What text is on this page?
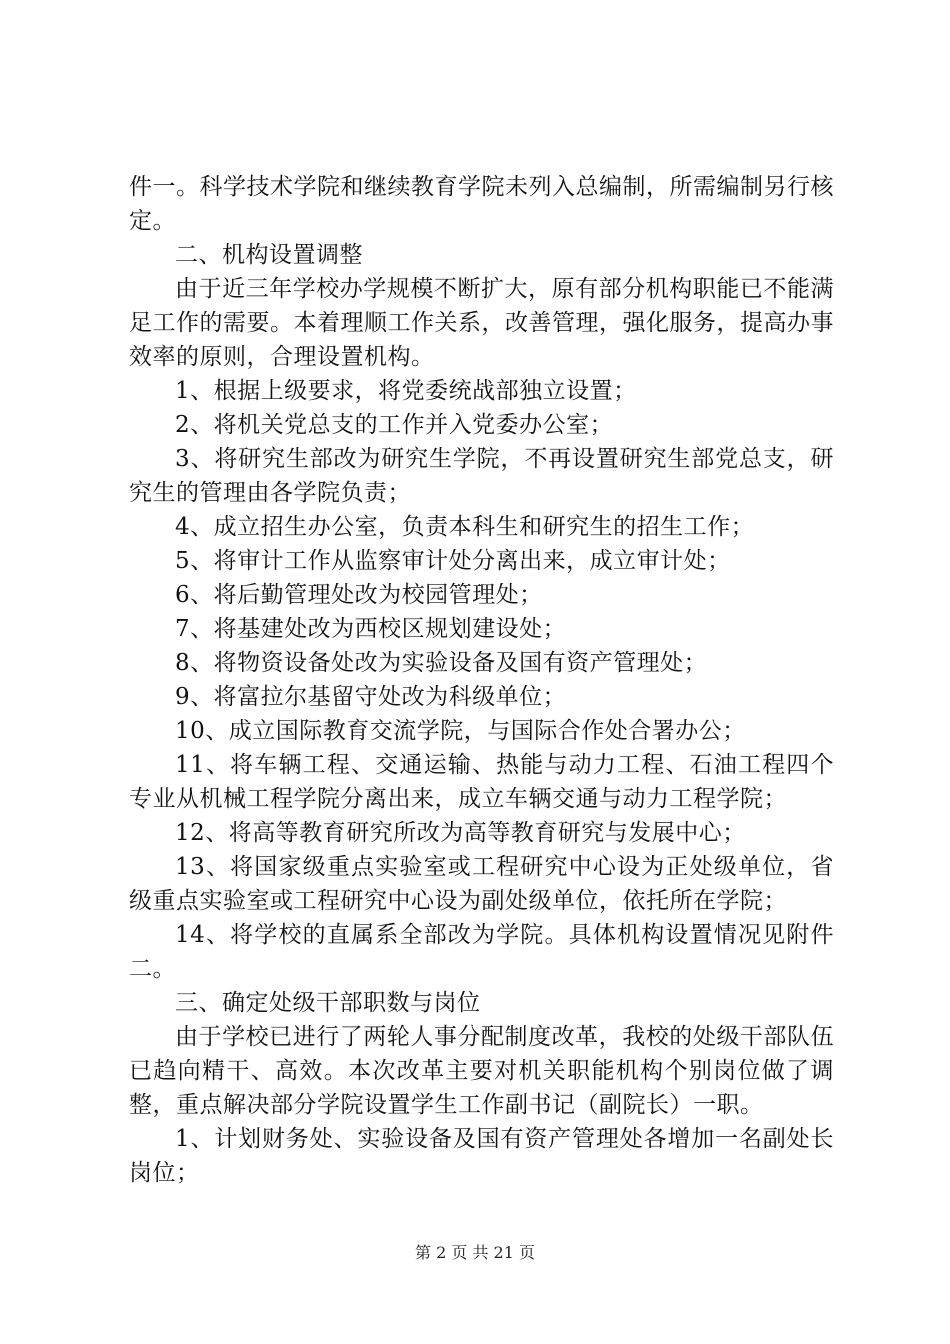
件一。科学技术学院和继续教育学院未列入总编制，所需编制另行核定。

二、机构设置调整

由于近三年学校办学规模不断扩大，原有部分机构职能已不能满足工作的需要。本着理顺工作关系，改善管理，强化服务，提高办事效率的原则，合理设置机构。

1、根据上级要求，将党委统战部独立设置；

2、将机关党总支的工作并入党委办公室；

3、将研究生部改为研究生学院，不再设置研究生部党总支，研究生的管理由各学院负责；

4、成立招生办公室，负责本科生和研究生的招生工作；

5、将审计工作从监察审计处分离出来，成立审计处；

6、将后勤管理处改为校园管理处；

7、将基建处改为西校区规划建设处；

8、将物资设备处改为实验设备及国有资产管理处；

9、将富拉尔基留守处改为科级单位；

10、成立国际教育交流学院，与国际合作处合署办公；

11、将车辆工程、交通运输、热能与动力工程、石油工程四个专业从机械工程学院分离出来，成立车辆交通与动力工程学院；

12、将高等教育研究所改为高等教育研究与发展中心；

13、将国家级重点实验室或工程研究中心设为正处级单位，省级重点实验室或工程研究中心设为副处级单位，依托所在学院；

14、将学校的直属系全部改为学院。具体机构设置情况见附件二。

三、确定处级干部职数与岗位

由于学校已进行了两轮人事分配制度改革，我校的处级干部队伍已趋向精干、高效。本次改革主要对机关职能机构个别岗位做了调整，重点解决部分学院设置学生工作副书记（副院长）一职。

1、计划财务处、实验设备及国有资产管理处各增加一名副处长岗位；

第 2 页 共 21 页
